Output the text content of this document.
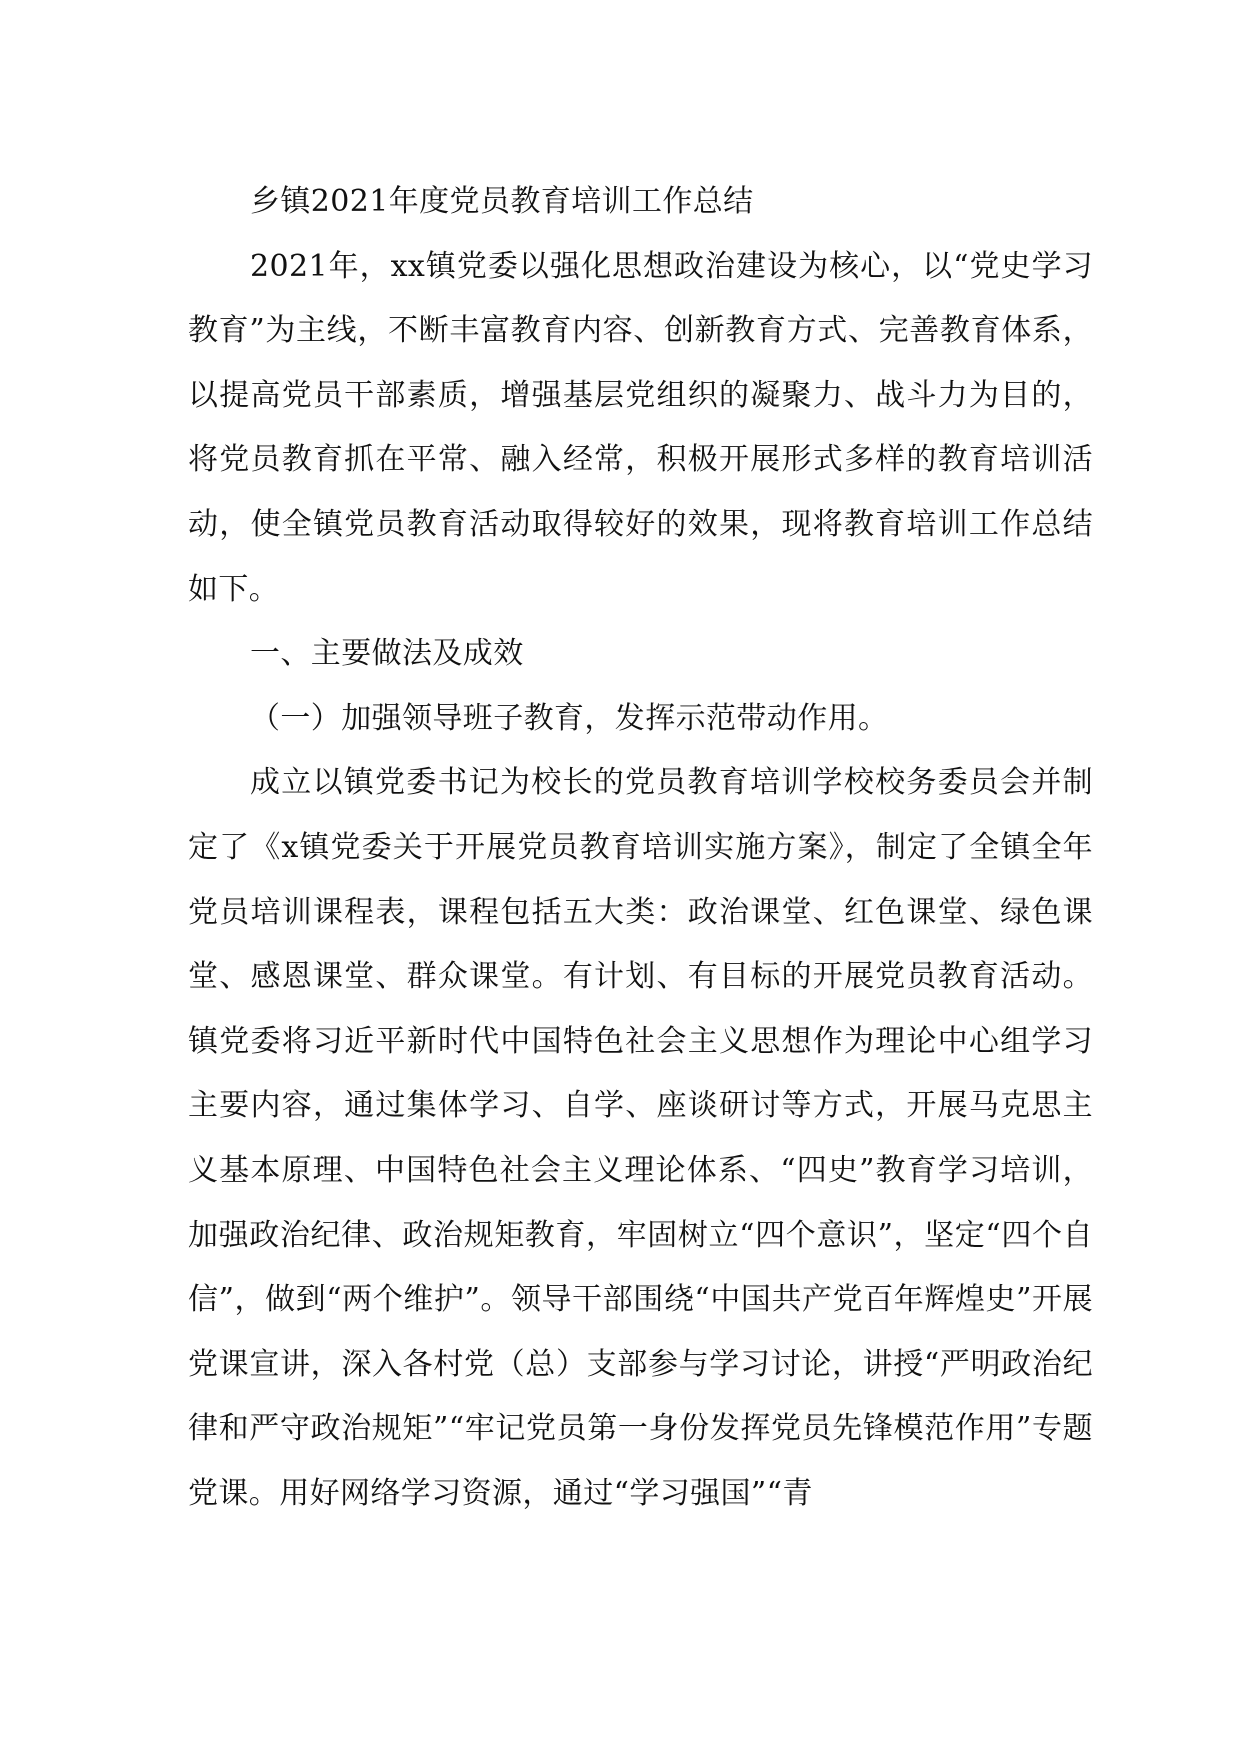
乡镇2021年度党员教育培训工作总结

2021年，xx镇党委以强化思想政治建设为核心，以“党史学习教育”为主线，不断丰富教育内容、创新教育方式、完善教育体系，以提高党员干部素质，增强基层党组织的凝聚力、战斗力为目的，将党员教育抓在平常、融入经常，积极开展形式多样的教育培训活动，使全镇党员教育活动取得较好的效果，现将教育培训工作总结如下。

一、主要做法及成效

（一）加强领导班子教育，发挥示范带动作用。

成立以镇党委书记为校长的党员教育培训学校校务委员会并制定了《x镇党委关于开展党员教育培训实施方案》，制定了全镇全年党员培训课程表，课程包括五大类：政治课堂、红色课堂、绿色课堂、感恩课堂、群众课堂。有计划、有目标的开展党员教育活动。镇党委将习近平新时代中国特色社会主义思想作为理论中心组学习主要内容，通过集体学习、自学、座谈研讨等方式，开展马克思主义基本原理、中国特色社会主义理论体系、“四史”教育学习培训，加强政治纪律、政治规矩教育，牢固树立“四个意识”，坚定“四个自信”，做到“两个维护”。领导干部围绕“中国共产党百年辉煌史”开展党课宣讲，深入各村党（总）支部参与学习讨论，讲授“严明政治纪律和严守政治规矩”“牢记党员第一身份发挥党员先锋模范作用”专题党课。用好网络学习资源，通过“学习强国”“青
